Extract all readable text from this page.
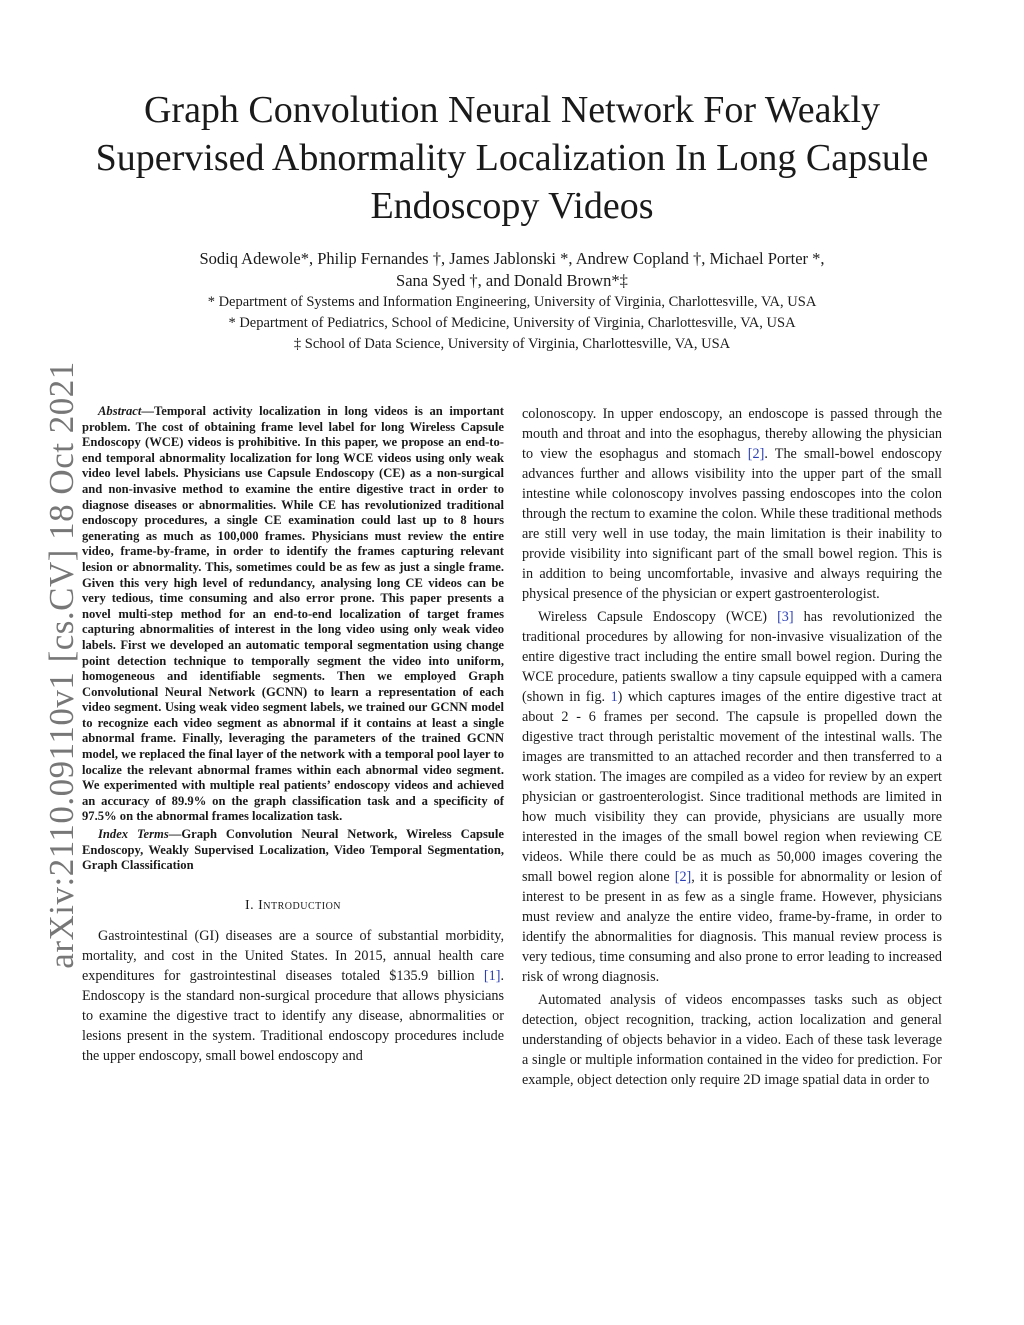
Graph Convolution Neural Network For Weakly Supervised Abnormality Localization In Long Capsule Endoscopy Videos
Sodiq Adewole*, Philip Fernandes †, James Jablonski *, Andrew Copland †, Michael Porter *,
Sana Syed †, and Donald Brown*‡
* Department of Systems and Information Engineering, University of Virginia, Charlottesville, VA, USA
* Department of Pediatrics, School of Medicine, University of Virginia, Charlottesville, VA, USA
‡ School of Data Science, University of Virginia, Charlottesville, VA, USA
arXiv:2110.09110v1 [cs.CV] 18 Oct 2021	Abstract—Temporal activity localization in long videos is an important problem. The cost of obtaining frame level label for long Wireless Capsule Endoscopy (WCE) videos is prohibitive. In this paper, we propose an end-to-end temporal abnormality localization for long WCE videos using only weak video level labels. Physicians use Capsule Endoscopy (CE) as a non-surgical and non-invasive method to examine the entire digestive tract in order to diagnose diseases or abnormalities. While CE has revolutionized traditional endoscopy procedures, a single CE examination could last up to 8 hours generating as much as 100,000 frames. Physicians must review the entire video, frame-by-frame, in order to identify the frames capturing relevant lesion or abnormality. This, sometimes could be as few as just a single frame. Given this very high level of redundancy, analysing long CE videos can be very tedious, time consuming and also error prone. This paper presents a novel multi-step method for an end-to-end localization of target frames capturing abnormalities of interest in the long video using only weak video labels. First we developed an automatic temporal segmentation using change point detection technique to temporally segment the video into uniform, homogeneous and identifiable segments. Then we employed Graph Convolutional Neural Network (GCNN) to learn a representation of each video segment. Using weak video segment labels, we trained our GCNN model to recognize each video segment as abnormal if it contains at least a single abnormal frame. Finally, leveraging the parameters of the trained GCNN model, we replaced the final layer of the network with a temporal pool layer to localize the relevant abnormal frames within each abnormal video segment. We experimented with multiple real patients’ endoscopy videos and achieved an accuracy of 89.9% on the graph classification task and a specificity of 97.5% on the abnormal frames localization task.

Index Terms—Graph Convolution Neural Network, Wireless Capsule Endoscopy, Weakly Supervised Localization, Video Temporal Segmentation, Graph Classification

I. Introduction

Gastrointestinal (GI) diseases are a source of substantial morbidity, mortality, and cost in the United States. In 2015, annual health care expenditures for gastrointestinal diseases totaled $135.9 billion [1]. Endoscopy is the standard non-surgical procedure that allows physicians to examine the digestive tract to identify any disease, abnormalities or lesions present in the system. Traditional endoscopy procedures include the upper endoscopy, small bowel endoscopy and

colonoscopy. In upper endoscopy, an endoscope is passed through the mouth and throat and into the esophagus, thereby allowing the physician to view the esophagus and stomach [2]. The small-bowel endoscopy advances further and allows visibility into the upper part of the small intestine while colonoscopy involves passing endoscopes into the colon through the rectum to examine the colon. While these traditional methods are still very well in use today, the main limitation is their inability to provide visibility into significant part of the small bowel region. This is in addition to being uncomfortable, invasive and always requiring the physical presence of the physician or expert gastroenterologist.

Wireless Capsule Endoscopy (WCE) [3] has revolutionized the traditional procedures by allowing for non-invasive visualization of the entire digestive tract including the entire small bowel region. During the WCE procedure, patients swallow a tiny capsule equipped with a camera (shown in fig. 1) which captures images of the entire digestive tract at about 2 - 6 frames per second. The capsule is propelled down the digestive tract through peristaltic movement of the intestinal walls. The images are transmitted to an attached recorder and then transferred to a work station. The images are compiled as a video for review by an expert physician or gastroenterologist. Since traditional methods are limited in how much visibility they can provide, physicians are usually more interested in the images of the small bowel region when reviewing CE videos. While there could be as much as 50,000 images covering the small bowel region alone [2], it is possible for abnormality or lesion of interest to be present in as few as a single frame. However, physicians must review and analyze the entire video, frame-by-frame, in order to identify the abnormalities for diagnosis. This manual review process is very tedious, time consuming and also prone to error leading to increased risk of wrong diagnosis.

Automated analysis of videos encompasses tasks such as object detection, object recognition, tracking, action localization and general understanding of objects behavior in a video. Each of these task leverage a single or multiple information contained in the video for prediction. For example, object detection only require 2D image spatial data in order to
